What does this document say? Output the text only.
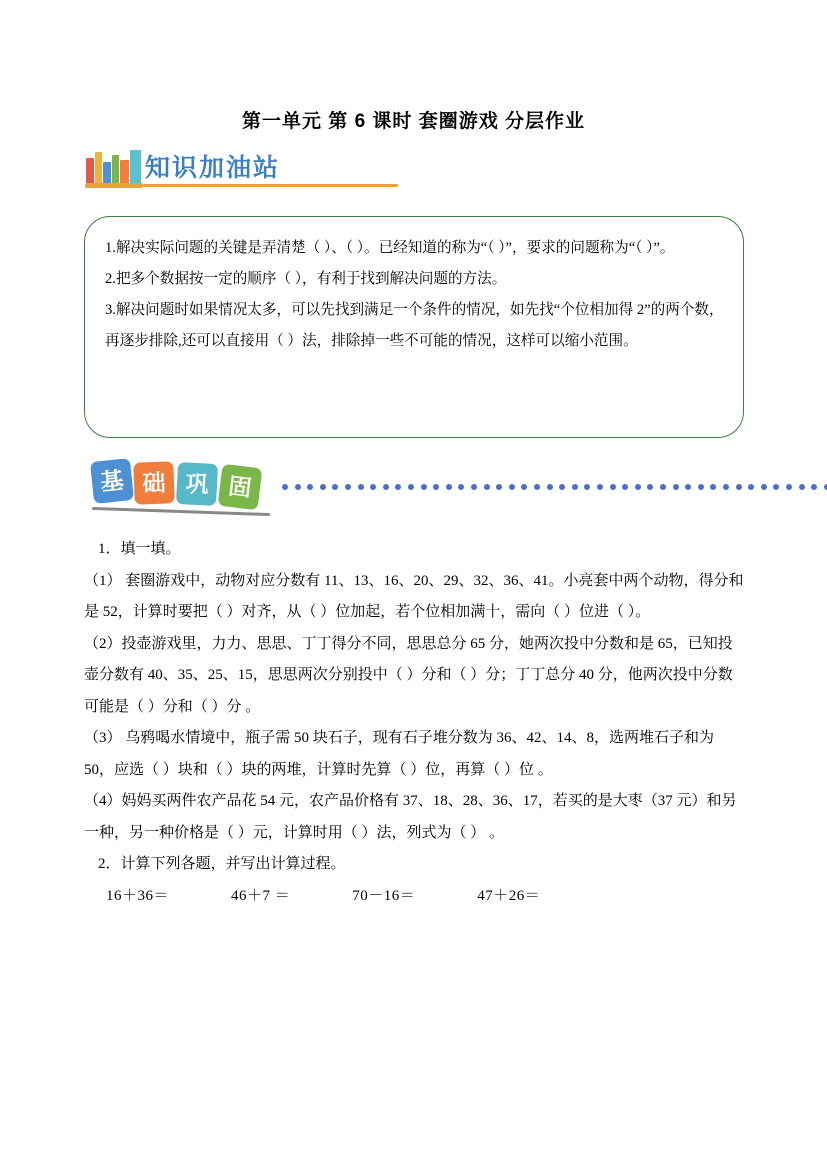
第一单元 第 6 课时 套圈游戏 分层作业
知识加油站

1.解决实际问题的关键是弄清楚（ ）、（ ）。已经知道的称为“（ ）”，要求的问题称为“（ ）”。

2.把多个数据按一定的顺序（ ），有利于找到解决问题的方法。

3.解决问题时如果情况太多，可以先找到满足一个条件的情况，如先找“个位相加得 2”的两个数，再逐步排除,还可以直接用（ ）法，排除掉一些不可能的情况，这样可以缩小范围。

基 础 巩 固

1．填一填。

（1） 套圈游戏中，动物对应分数有 11、13、16、20、29、32、36、41。小亮套中两个动物，得分和是 52，计算时要把（ ）对齐，从（ ）位加起，若个位相加满十，需向（ ）位进（ ）。

（2）投壶游戏里，力力、思思、丁丁得分不同，思思总分 65 分，她两次投中分数和是 65，已知投壶分数有 40、35、25、15，思思两次分别投中（ ）分和（ ）分；丁丁总分 40 分，他两次投中分数可能是（ ）分和（ ）分 。

（3） 乌鸦喝水情境中，瓶子需 50 块石子，现有石子堆分数为 36、42、14、8，选两堆石子和为 50，应选（ ）块和（ ）块的两堆，计算时先算（ ）位，再算（ ）位 。

（4）妈妈买两件农产品花 54 元，农产品价格有 37、18、28、36、17，若买的是大枣（37 元）和另一种，另一种价格是（ ）元，计算时用（ ）法，列式为（ ） 。

2．计算下列各题，并写出计算过程。

16＋36＝	46＋7 ＝	70－16＝	47＋26＝
